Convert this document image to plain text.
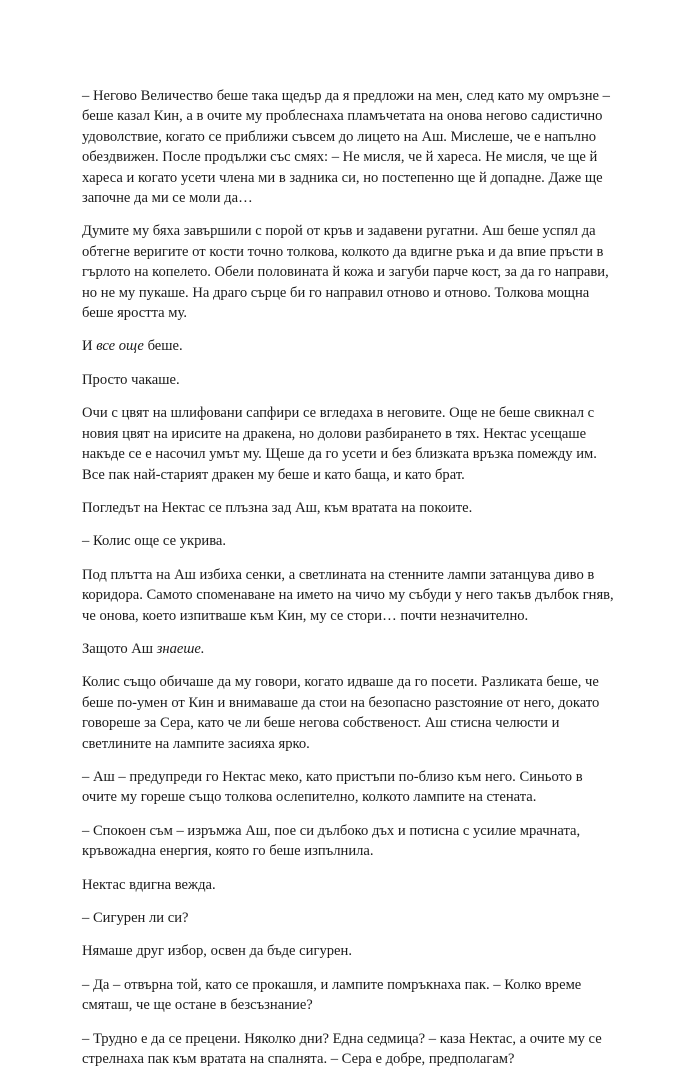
– Негово Величество беше така щедър да я предложи на мен, след като му омръзне – беше казал Кин, а в очите му проблеснаха пламъчетата на онова негово садистично удоволствие, когато се приближи съвсем до лицето на Аш. Мислеше, че е напълно обездвижен. После продължи със смях: – Не мисля, че й хареса. Не мисля, че ще й хареса и когато усети члена ми в задника си, но постепенно ще й допадне. Даже ще започне да ми се моли да…

Думите му бяха завършили с порой от кръв и задавени ругатни. Аш беше успял да обтегне веригите от кости точно толкова, колкото да вдигне ръка и да впие пръсти в гърлото на копелето. Обели половината й кожа и загуби парче кост, за да го направи, но не му пукаше. На драго сърце би го направил отново и отново. Толкова мощна беше яростта му.

И все още беше.

Просто чакаше.

Очи с цвят на шлифовани сапфири се вгледаха в неговите. Още не беше свикнал с новия цвят на ирисите на дракена, но долови разбирането в тях. Нектас усещаше накъде се е насочил умът му. Щеше да го усети и без близката връзка помежду им. Все пак най-старият дракен му беше и като баща, и като брат.

Погледът на Нектас се плъзна зад Аш, към вратата на покоите.

– Колис още се укрива.

Под плътта на Аш избиха сенки, а светлината на стенните лампи затанцува диво в коридора. Самото споменаване на името на чичо му събуди у него такъв дълбок гняв, че онова, което изпитваше към Кин, му се стори… почти незначително.

Защото Аш знаеше.

Колис също обичаше да му говори, когато идваше да го посети. Разликата беше, че беше по-умен от Кин и внимаваше да стои на безопасно разстояние от него, докато говореше за Сера, като че ли беше негова собственост. Аш стисна челюсти и светлините на лампите засияха ярко.

– Аш – предупреди го Нектас меко, като пристъпи по-близо към него. Синьото в очите му гореше също толкова ослепително, колкото лампите на стената.

– Спокоен съм – изръмжа Аш, пое си дълбоко дъх и потисна с усилие мрачната, кръвожадна енергия, която го беше изпълнила.

Нектас вдигна вежда.

– Сигурен ли си?

Нямаше друг избор, освен да бъде сигурен.

– Да – отвърна той, като се прокашля, и лампите помръкнаха пак. – Колко време смяташ, че ще остане в безсъзнание?

– Трудно е да се прецени. Няколко дни? Една седмица? – каза Нектас, а очите му се стрелнаха пак към вратата на спалнята. – Сера е добре, предполагам?
